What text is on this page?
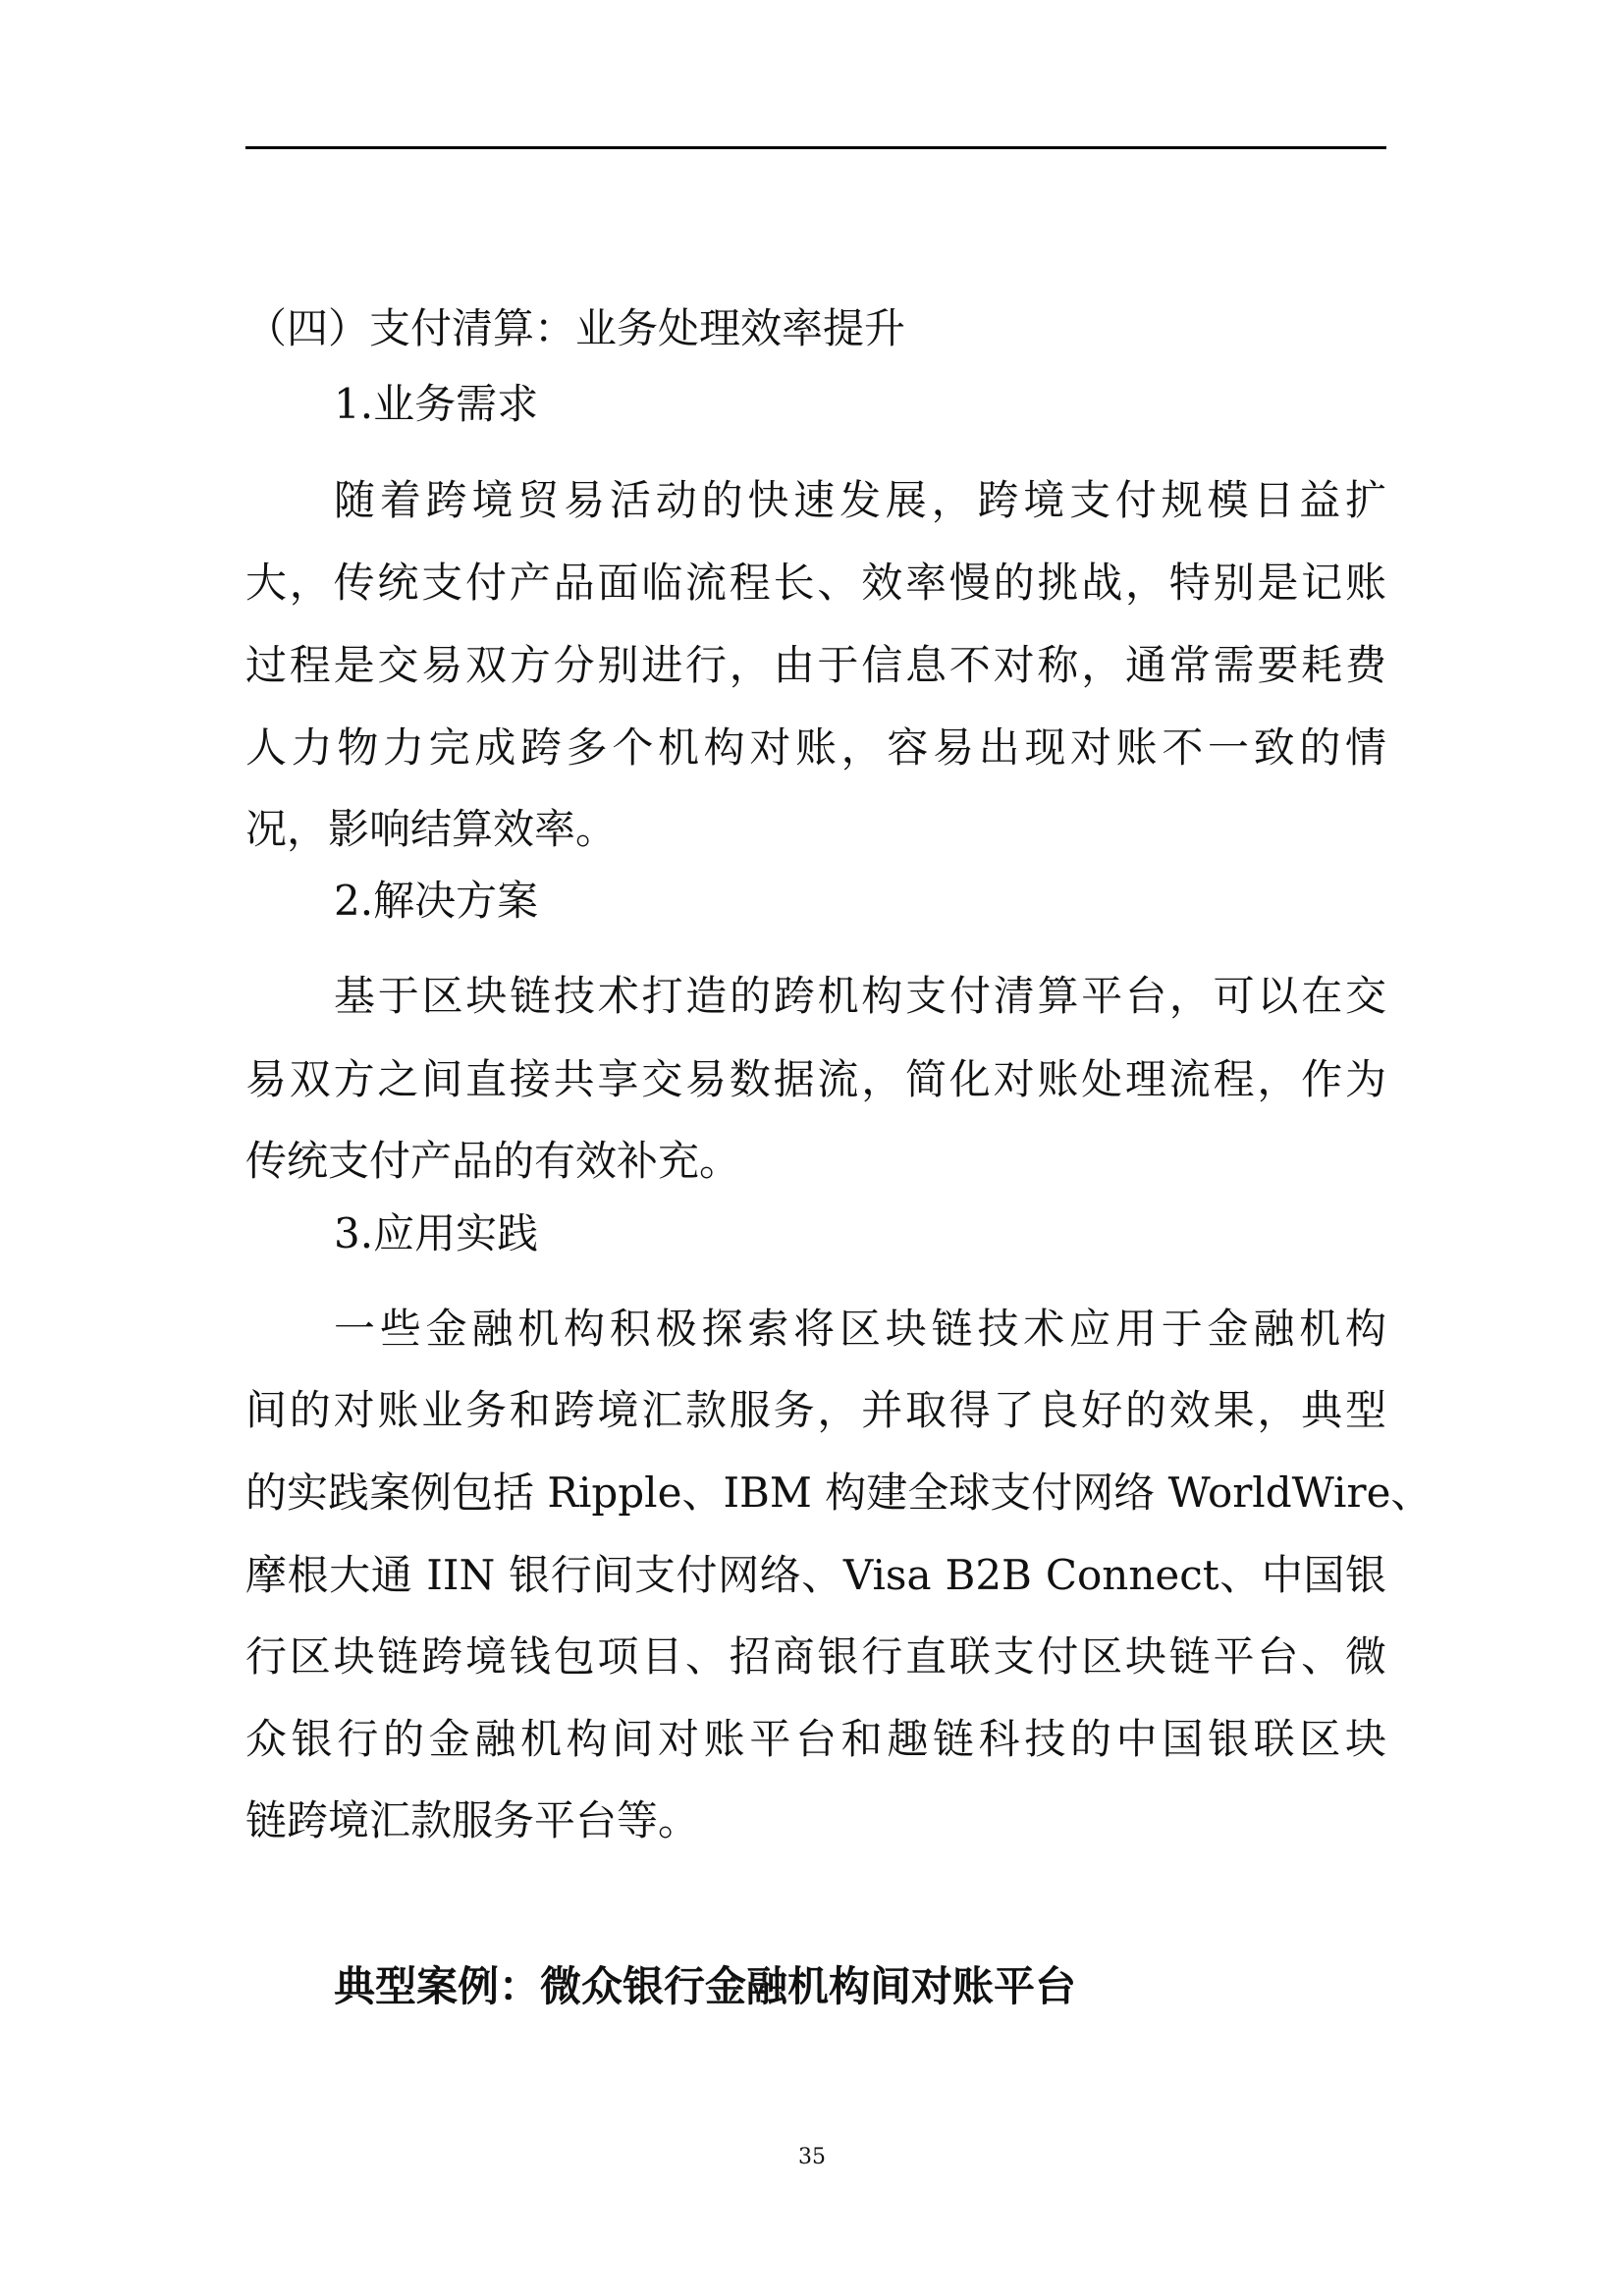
（四）支付清算：业务处理效率提升
1.业务需求
随着跨境贸易活动的快速发展，跨境支付规模日益扩
大，传统支付产品面临流程长、效率慢的挑战，特别是记账
过程是交易双方分别进行，由于信息不对称，通常需要耗费
人力物力完成跨多个机构对账，容易出现对账不一致的情
况，影响结算效率。
2.解决方案
基于区块链技术打造的跨机构支付清算平台，可以在交
易双方之间直接共享交易数据流，简化对账处理流程，作为
传统支付产品的有效补充。
3.应用实践
一些金融机构积极探索将区块链技术应用于金融机构
间的对账业务和跨境汇款服务，并取得了良好的效果，典型
的实践案例包括 Ripple、IBM 构建全球支付网络 WorldWire、
摩根大通 IIN 银行间支付网络、Visa B2B Connect、中国银
行区块链跨境钱包项目、招商银行直联支付区块链平台、微
众银行的金融机构间对账平台和趣链科技的中国银联区块
链跨境汇款服务平台等。
典型案例：微众银行金融机构间对账平台
35
